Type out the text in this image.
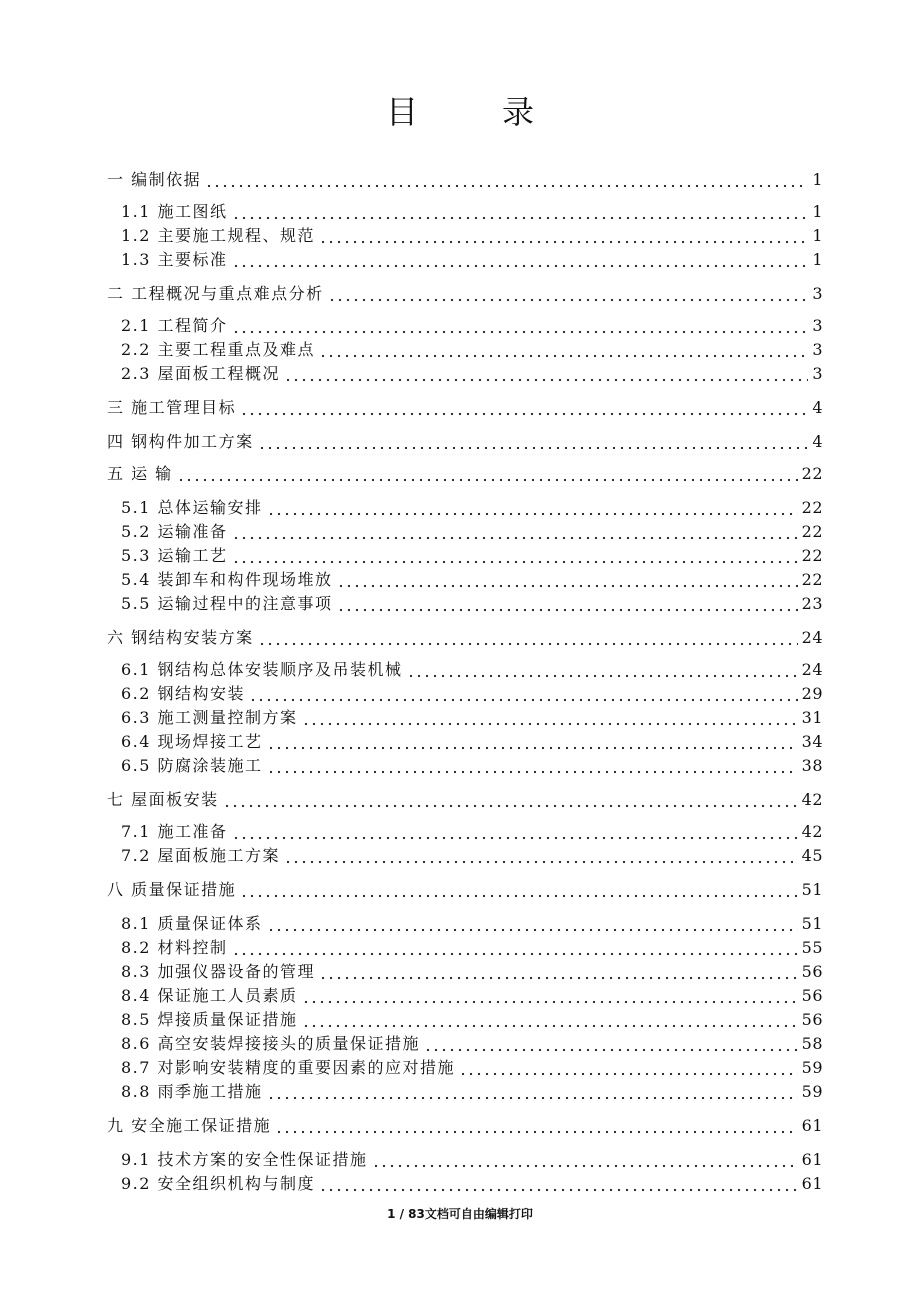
目	录
一 编制依据	1
1.1 施工图纸	1
1.2 主要施工规程、规范	1
1.3 主要标准	1
二 工程概况与重点难点分析	3
2.1 工程简介	3
2.2 主要工程重点及难点	3
2.3 屋面板工程概况	3
三 施工管理目标	4
四 钢构件加工方案	4
五 运 输	22
5.1 总体运输安排	22
5.2 运输准备	22
5.3 运输工艺	22
5.4 装卸车和构件现场堆放	22
5.5 运输过程中的注意事项	23
六 钢结构安装方案	24
6.1 钢结构总体安装顺序及吊装机械	24
6.2 钢结构安装	29
6.3 施工测量控制方案	31
6.4 现场焊接工艺	34
6.5 防腐涂装施工	38
七 屋面板安装	42
7.1 施工准备	42
7.2 屋面板施工方案	45
八 质量保证措施	51
8.1 质量保证体系	51
8.2 材料控制	55
8.3 加强仪器设备的管理	56
8.4 保证施工人员素质	56
8.5 焊接质量保证措施	56
8.6 高空安装焊接接头的质量保证措施	58
8.7 对影响安装精度的重要因素的应对措施	59
8.8 雨季施工措施	59
九 安全施工保证措施	61
9.1 技术方案的安全性保证措施	61
9.2 安全组织机构与制度	61
1 / 83文档可自由编辑打印
